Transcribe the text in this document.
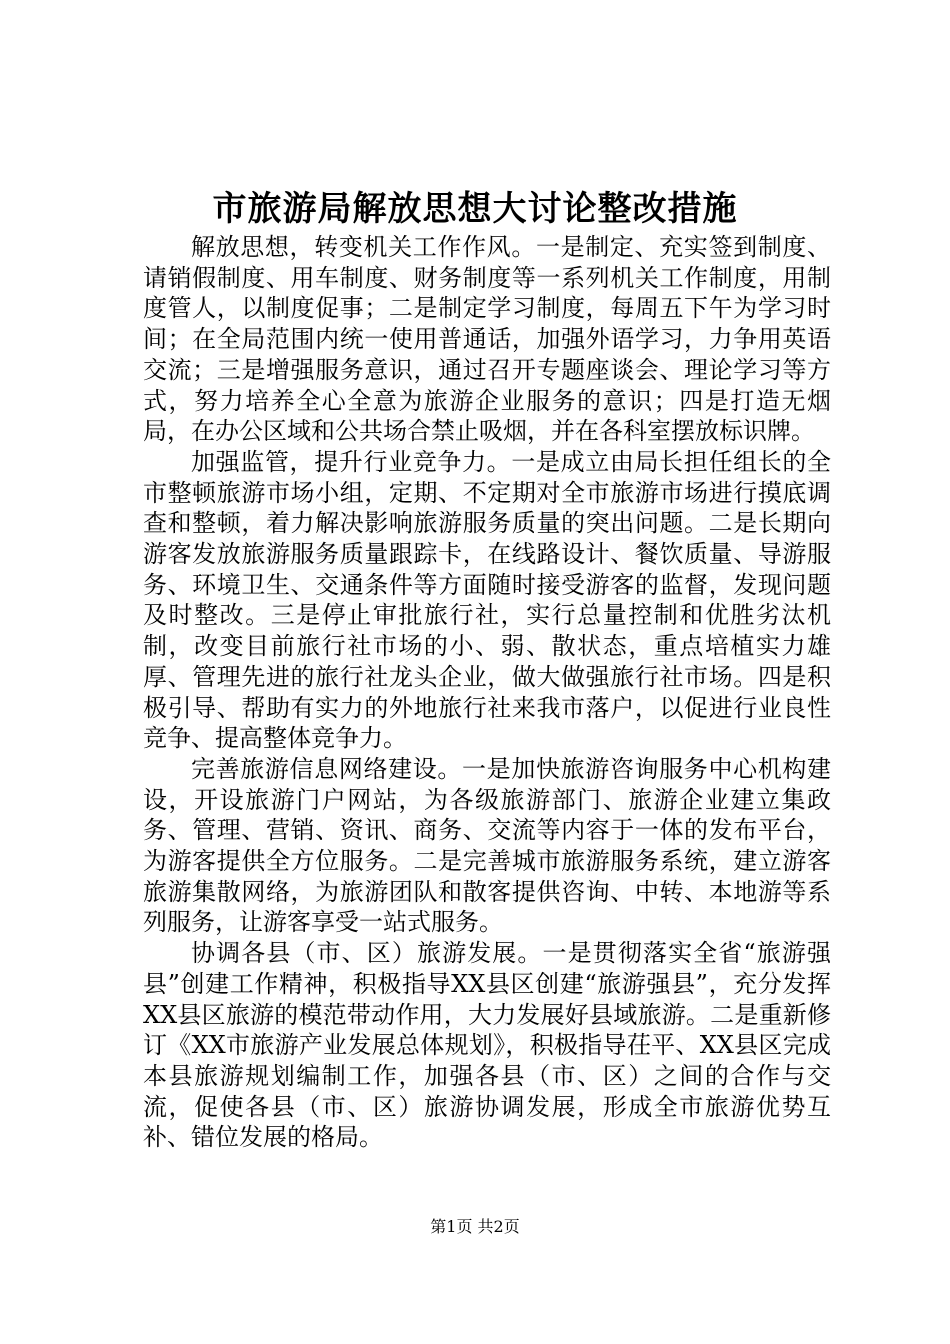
市旅游局解放思想大讨论整改措施

解放思想，转变机关工作作风。一是制定、充实签到制度、请销假制度、用车制度、财务制度等一系列机关工作制度，用制度管人，以制度促事；二是制定学习制度，每周五下午为学习时间；在全局范围内统一使用普通话，加强外语学习，力争用英语交流；三是增强服务意识，通过召开专题座谈会、理论学习等方式，努力培养全心全意为旅游企业服务的意识；四是打造无烟局，在办公区域和公共场合禁止吸烟，并在各科室摆放标识牌。

加强监管，提升行业竞争力。一是成立由局长担任组长的全市整顿旅游市场小组，定期、不定期对全市旅游市场进行摸底调查和整顿，着力解决影响旅游服务质量的突出问题。二是长期向游客发放旅游服务质量跟踪卡，在线路设计、餐饮质量、导游服务、环境卫生、交通条件等方面随时接受游客的监督，发现问题及时整改。三是停止审批旅行社，实行总量控制和优胜劣汰机制，改变目前旅行社市场的小、弱、散状态，重点培植实力雄厚、管理先进的旅行社龙头企业，做大做强旅行社市场。四是积极引导、帮助有实力的外地旅行社来我市落户，以促进行业良性竞争、提高整体竞争力。

完善旅游信息网络建设。一是加快旅游咨询服务中心机构建设，开设旅游门户网站，为各级旅游部门、旅游企业建立集政务、管理、营销、资讯、商务、交流等内容于一体的发布平台，为游客提供全方位服务。二是完善城市旅游服务系统，建立游客旅游集散网络，为旅游团队和散客提供咨询、中转、本地游等系列服务，让游客享受一站式服务。

协调各县（市、区）旅游发展。一是贯彻落实全省“旅游强县”创建工作精神，积极指导XX县区创建“旅游强县”，充分发挥XX县区旅游的模范带动作用，大力发展好县域旅游。二是重新修订《XX市旅游产业发展总体规划》，积极指导茌平、XX县区完成本县旅游规划编制工作，加强各县（市、区）之间的合作与交流，促使各县（市、区）旅游协调发展，形成全市旅游优势互补、错位发展的格局。

第1页 共2页
